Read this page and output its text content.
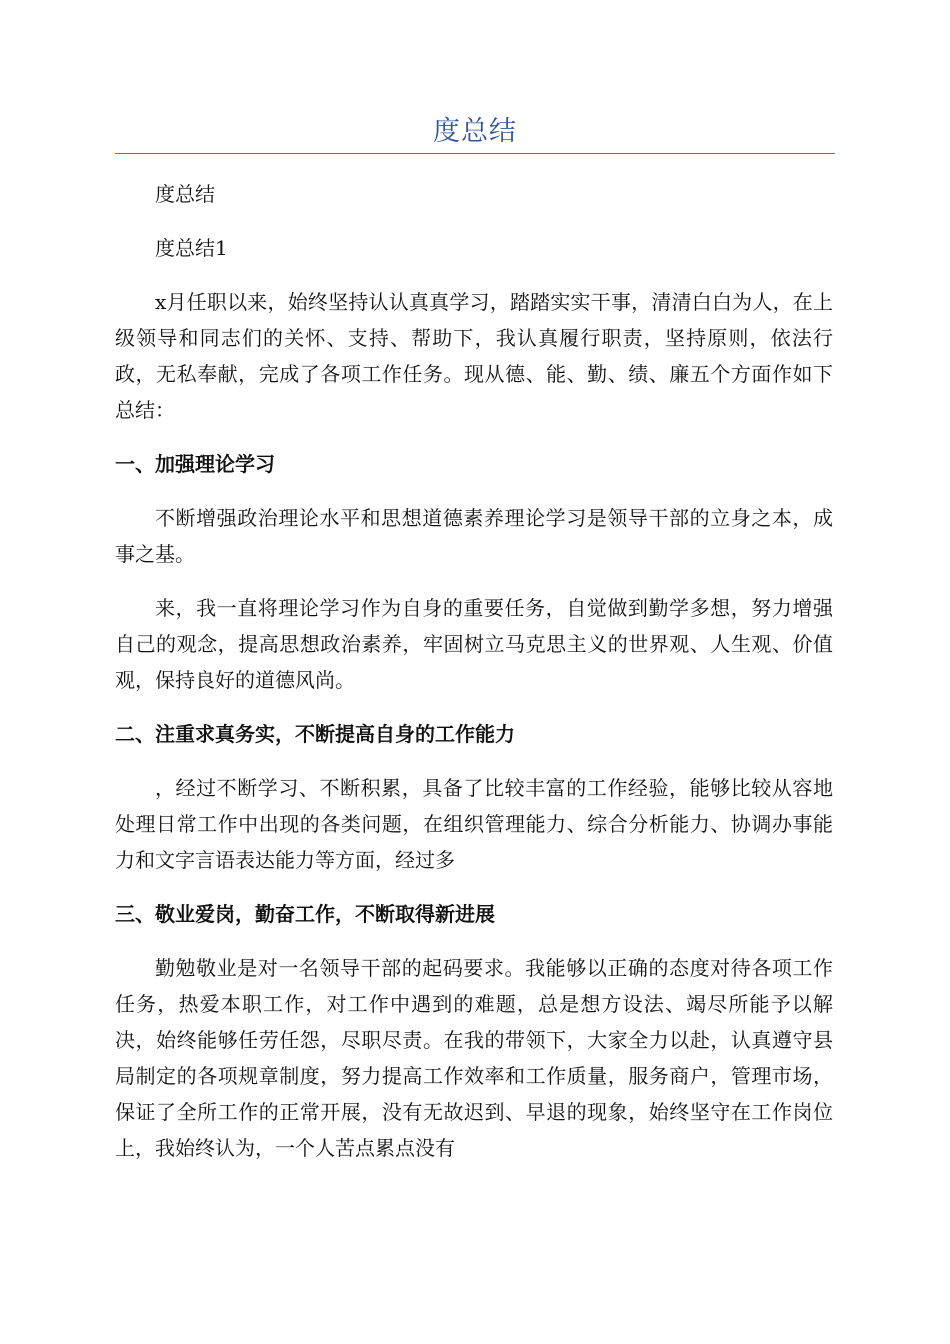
度总结

度总结

度总结1

x月任职以来，始终坚持认认真真学习，踏踏实实干事，清清白白为人，在上级领导和同志们的关怀、支持、帮助下，我认真履行职责，坚持原则，依法行政，无私奉献，完成了各项工作任务。现从德、能、勤、绩、廉五个方面作如下总结：

一、加强理论学习

不断增强政治理论水平和思想道德素养理论学习是领导干部的立身之本，成事之基。

来，我一直将理论学习作为自身的重要任务，自觉做到勤学多想，努力增强自己的观念，提高思想政治素养，牢固树立马克思主义的世界观、人生观、价值观，保持良好的道德风尚。

二、注重求真务实，不断提高自身的工作能力

，经过不断学习、不断积累，具备了比较丰富的工作经验，能够比较从容地处理日常工作中出现的各类问题，在组织管理能力、综合分析能力、协调办事能力和文字言语表达能力等方面，经过多

三、敬业爱岗，勤奋工作，不断取得新进展

勤勉敬业是对一名领导干部的起码要求。我能够以正确的态度对待各项工作任务，热爱本职工作，对工作中遇到的难题，总是想方设法、竭尽所能予以解决，始终能够任劳任怨，尽职尽责。在我的带领下，大家全力以赴，认真遵守县局制定的各项规章制度，努力提高工作效率和工作质量，服务商户，管理市场，保证了全所工作的正常开展，没有无故迟到、早退的现象，始终坚守在工作岗位上，我始终认为，一个人苦点累点没有
